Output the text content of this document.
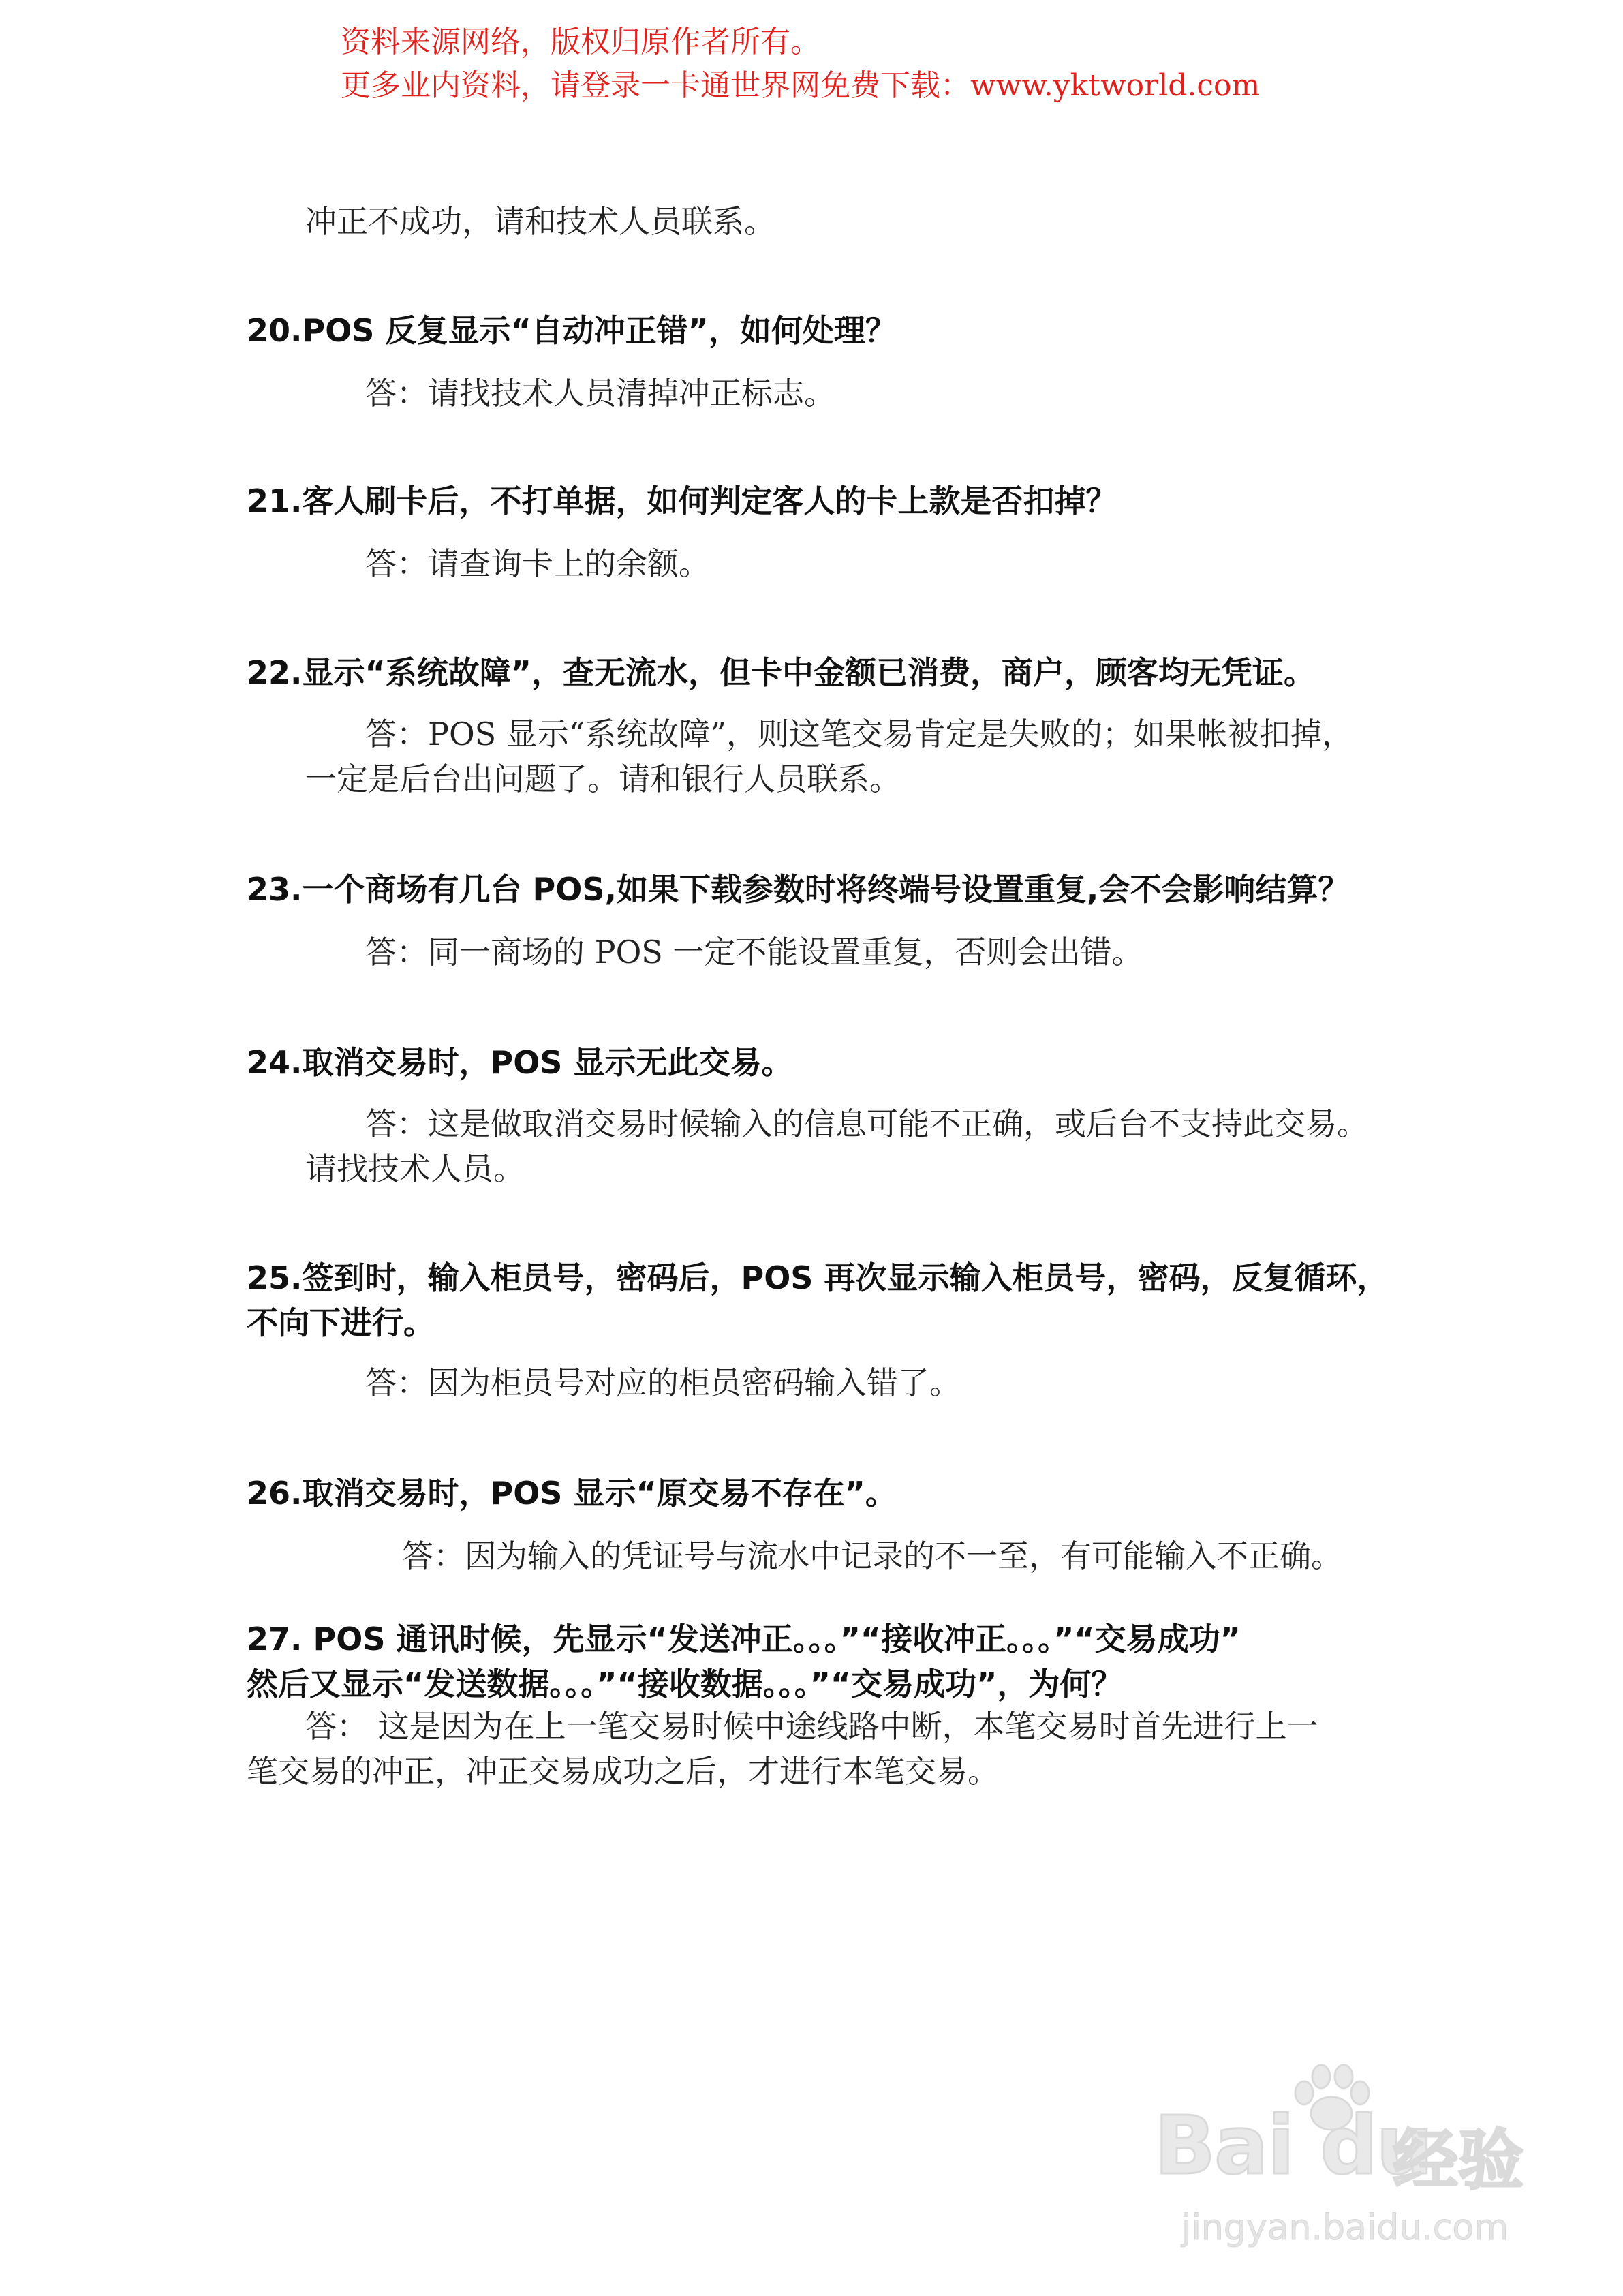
资料来源网络，版权归原作者所有。
更多业内资料，请登录一卡通世界网免费下载：www.yktworld.com
冲正不成功，请和技术人员联系。
20.POS 反复显示“自动冲正错”，如何处理？
答：请找技术人员清掉冲正标志。
21.客人刷卡后，不打单据，如何判定客人的卡上款是否扣掉？
答：请查询卡上的余额。
22.显示“系统故障”，查无流水，但卡中金额已消费，商户，顾客均无凭证。
答：POS 显示“系统故障”，则这笔交易肯定是失败的；如果帐被扣掉，
一定是后台出问题了。请和银行人员联系。
23.一个商场有几台 POS,如果下载参数时将终端号设置重复,会不会影响结算？
答：同一商场的 POS 一定不能设置重复，否则会出错。
24.取消交易时，POS 显示无此交易。
答：这是做取消交易时候输入的信息可能不正确，或后台不支持此交易。
请找技术人员。
25.签到时，输入柜员号，密码后，POS 再次显示输入柜员号，密码，反复循环，
不向下进行。
答：因为柜员号对应的柜员密码输入错了。
26.取消交易时，POS 显示“原交易不存在”。
答：因为输入的凭证号与流水中记录的不一至，有可能输入不正确。
27. POS 通讯时候，先显示“发送冲正。。。”“接收冲正。。。”“交易成功”
然后又显示“发送数据。。。”“接收数据。。。”“交易成功”，为何？
答： 这是因为在上一笔交易时候中途线路中断，本笔交易时首先进行上一
笔交易的冲正，冲正交易成功之后，才进行本笔交易。
Bai du
经验
jingyan.baidu.com
